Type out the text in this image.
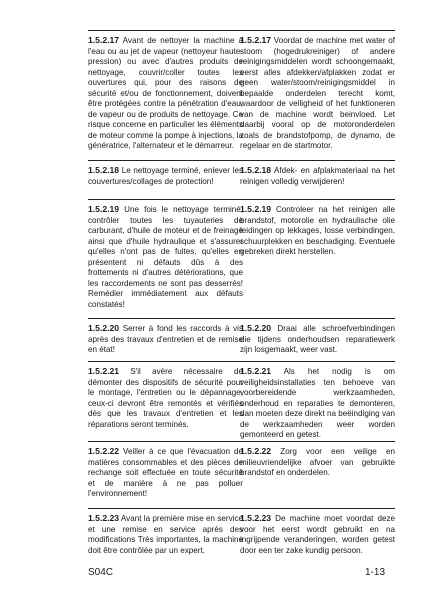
1.5.2.17 Avant de nettoyer la machine à l'eau ou au jet de vapeur (nettoyeur haute-pression) ou avec d'autres produits de nettoyage, couvrir/coller toutes les ouvertures qui, pour des raisons de sécurité et/ou de fonctionnement, doivent être protégées contre la pénétration d'eau, de vapeur ou de produits de nettoyage. Ce risque concerne en particulier les éléments de moteur comme la pompe à injections, la génératrice, l'alternateur et le démarreur.

1.5.2.18 Le nettoyage terminé, enlever les couvertures/collages de protection!

1.5.2.19 Une fois le nettoyage terminé, contrôler toutes les tuyauteries de carburant, d'huile de moteur et de freinage ainsi que d'huile hydraulique et s'assurer qu'elles n'ont pas de fuites, qu'elles en présentent ni défauts dûs à des frottements ni d'autres détériorations, que les raccordements ne sont pas desserrés! Remédier immédiatement aux défauts constatés!

1.5.2.20 Serrer à fond les raccords à vis après des travaux d'entretien et de remise en état!

1.5.2.21 S'il avère nécessaire de démonter des dispositifs de sécurité pour le montage, l'entretien ou le dépannage, ceux-ci devront être remontés et vérifiés dès que les travaux d'entretien et les réparations seront terminés.

1.5.2.22 Veiller à ce que l'évacuation de matières consommables et des pièces de rechange soit effectuée en toute sécurité et de manière à ne pas polluer l'environnement!

1.5.2.23 Avant la première mise en service et une remise en service après des modifications Très importantes, la machine doit être contrôlée par un expert.

1.5.2.17 Voordat de machine met water of stoom (hogedrukreiniger) of andere reinigingsmiddelen wordt schoongemaakt, eerst alles afdekken/afplakken zodat er geen water/stoom/reinigingsmiddel in bepaalde onderdelen terecht komt, waardoor de veiligheid of het funktioneren van de machine wordt beinvloed. Let daarbij vooral op de motoronderdelen zoals de brandstofpomp, de dynamo, de regelaar en de startmotor.

1.5.2.18 Afdek- en afplakmateriaal na het reinigen volledig verwijderen!

1.5.2.19 Controleer na het reinigen alle brandstof, motorolie en hydraulische olie leidingen op lekkages, losse verbindingen, schuurplekken en beschadiging. Eventuele gebreken direkt herstellen.

1.5.2.20 Draai alle schroefverbindingen die tijdens onderhoudsen reparatiewerk zijn losgemaakt, weer vast.

1.5.2.21 Als het nodig is om veiligheidsinstallaties ten behoeve van voorbereidende werkzaamheden, onderhoud en reparaties te demonteren, dan moeten deze direkt na beëindiging van de werkzaamheden weer worden gemonteerd en getest.

1.5.2.22 Zorg voor een veilige en milieuvriendelijke afvoer van gebruikte brandstof en onderdelen.

1.5.2.23 De machine moet voordat deze voor het eerst wordt gebruikt en na ingrijpende veranderingen, worden getest door een ter zake kundig persoon.

S04C	1-13
